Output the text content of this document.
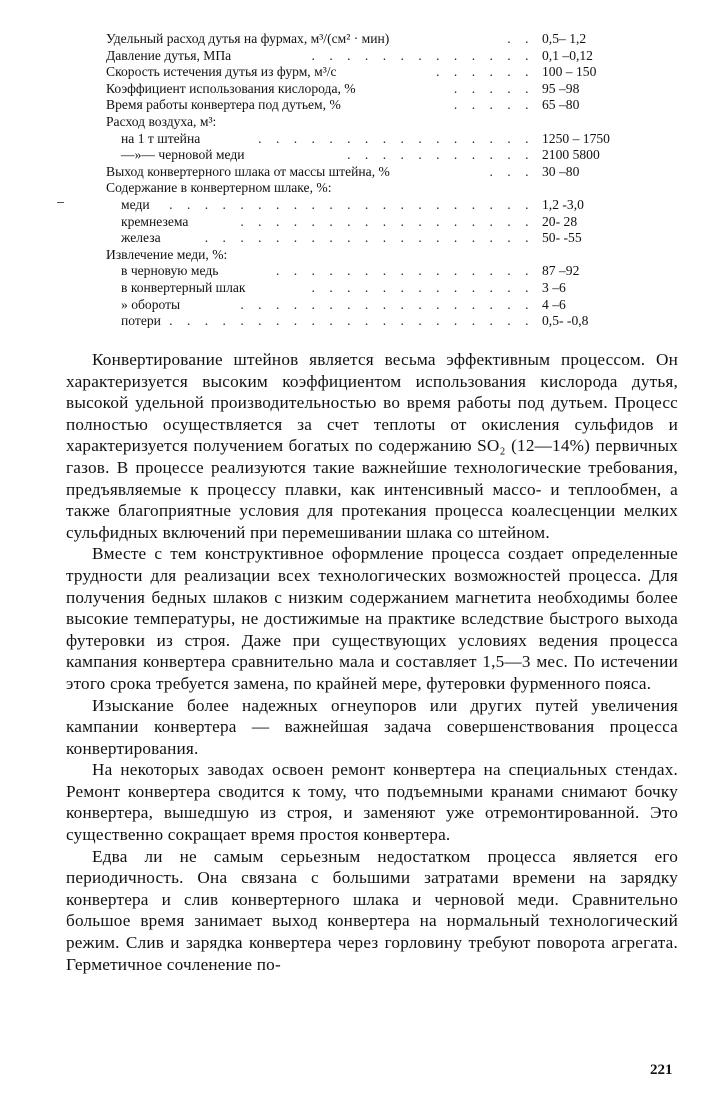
Удельный расход дутья на фурмах, м³/(см² · мин)	. . 0,5– 1,2
Давление дутья, МПа	. . . . . . . . . . . . . 0,1 –0,12
Скорость истечения дутья из фурм, м³/с	. . . . . . 100 – 150
Коэффициент использования кислорода, %	. . . . . 95 –98
Время работы конвертера под дутьем, %	. . . . . 65 –80
Расход воздуха, м³:
на 1 т штейна	. . . . . . . . . . . . . . . . 1250 – 1750
—»— черновой меди	. . . . . . . . . . . 2100 5800
Выход конвертерного шлака от массы штейна, %	. . . 30 –80
Содержание в конвертерном шлаке, %:
меди . . . . . . . . . . . . . . . . . . . . . 1,2 -3,0
кремнезема	. . . . . . . . . . . . . . . . . 20- 28
железа	. . . . . . . . . . . . . . . . . . . 50- -55
Извлечение меди, %:
в черновую медь	. . . . . . . . . . . . . . . 87 –92
в конвертерный шлак	. . . . . . . . . . . . . 3 –6
» обороты	. . . . . . . . . . . . . . . . . 4 –6
потери . . . . . . . . . . . . . . . . . . . . . 0,5- -0,8

Конвертирование штейнов является весьма эффективным процессом. Он характеризуется высоким коэффициентом использования кислорода дутья, высокой удельной производительностью во время работы под дутьем. Процесс полностью осуществляется за счет теплоты от окисления сульфидов и характеризуется получением богатых по содержанию SO₂ (12—14%) первичных газов. В процессе реализуются такие важнейшие технологические требования, предъявляемые к процессу плавки, как интенсивный массо- и теплообмен, а также благоприятные условия для протекания процесса коалесценции мелких сульфидных включений при перемешивании шлака со штейном.

Вместе с тем конструктивное оформление процесса создает определенные трудности для реализации всех технологических возможностей процесса. Для получения бедных шлаков с низким содержанием магнетита необходимы более высокие температуры, не достижимые на практике вследствие быстрого выхода футеровки из строя. Даже при существующих условиях ведения процесса кампания конвертера сравнительно мала и составляет 1,5—3 мес. По истечении этого срока требуется замена, по крайней мере, футеровки фурменного пояса.

Изыскание более надежных огнеупоров или других путей увеличения кампании конвертера — важнейшая задача совершенствования процесса конвертирования.

На некоторых заводах освоен ремонт конвертера на специальных стендах. Ремонт конвертера сводится к тому, что подъемными кранами снимают бочку конвертера, вышедшую из строя, и заменяют уже отремонтированной. Это существенно сокращает время простоя конвертера.

Едва ли не самым серьезным недостатком процесса является его периодичность. Она связана с большими затратами времени на зарядку конвертера и слив конвертерного шлака и черновой меди. Сравнительно большое время занимает выход конвертера на нормальный технологический режим. Слив и зарядка конвертера через горловину требуют поворота агрегата. Герметичное сочленение по-

221
